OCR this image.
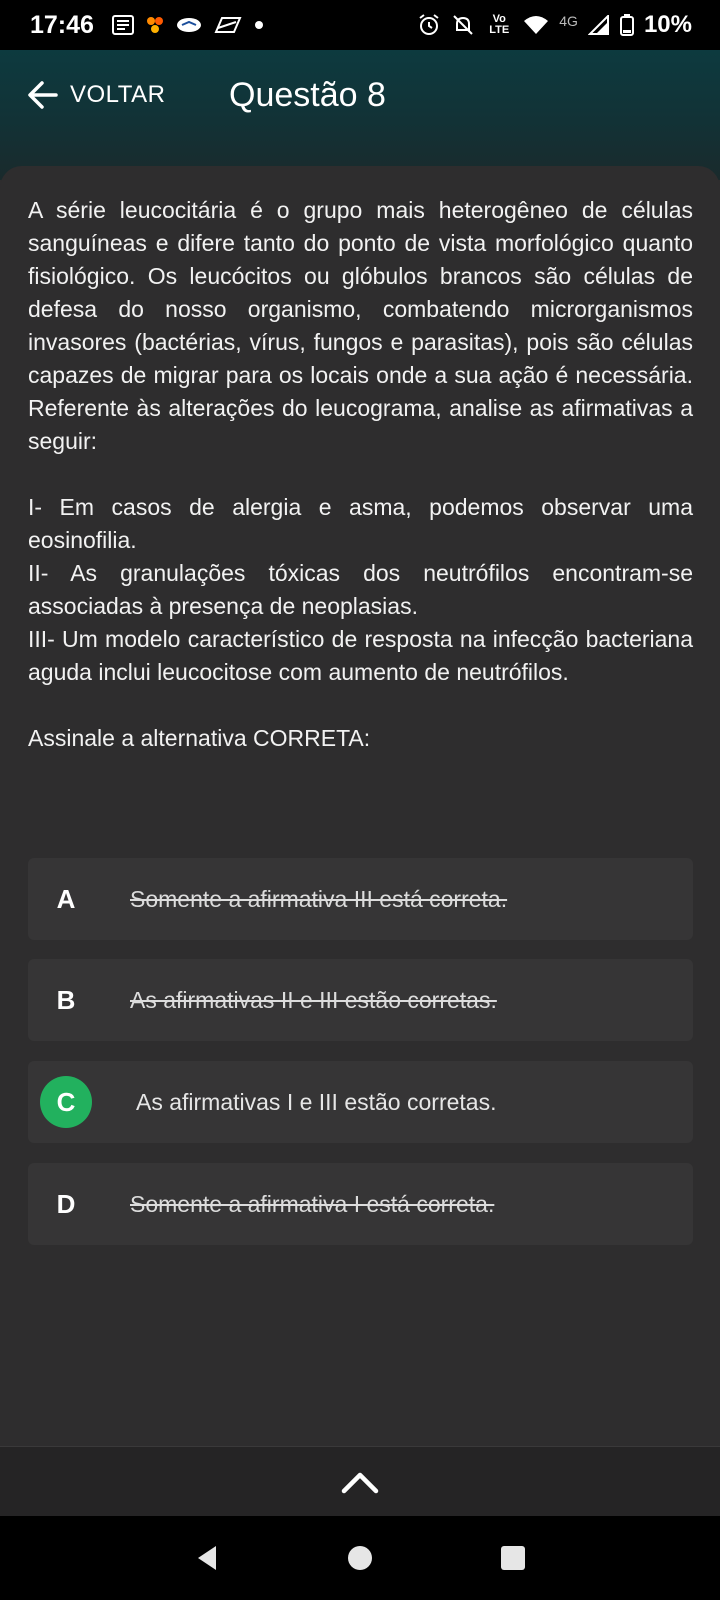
17:46	Vo LTE
4G	10%
VOLTAR Questão 8

A série leucocitária é o grupo mais heterogêneo de células sanguíneas e difere tanto do ponto de vista morfológico quanto fisiológico. Os leucócitos ou glóbulos brancos são células de defesa do nosso organismo, combatendo microrganismos invasores (bactérias, vírus, fungos e parasitas), pois são células capazes de migrar para os locais onde a sua ação é necessária. Referente às alterações do leucograma, analise as afirmativas a seguir:

I- Em casos de alergia e asma, podemos observar uma eosinofilia.

II- As granulações tóxicas dos neutrófilos encontram-se associadas à presença de neoplasias.

III- Um modelo característico de resposta na infecção bacteriana aguda inclui leucocitose com aumento de neutrófilos.

Assinale a alternativa CORRETA:

A	Somente a afirmativa III está correta.
B	As afirmativas II e III estão corretas.
C	As afirmativas I e III estão corretas.
D	Somente a afirmativa I está correta.
